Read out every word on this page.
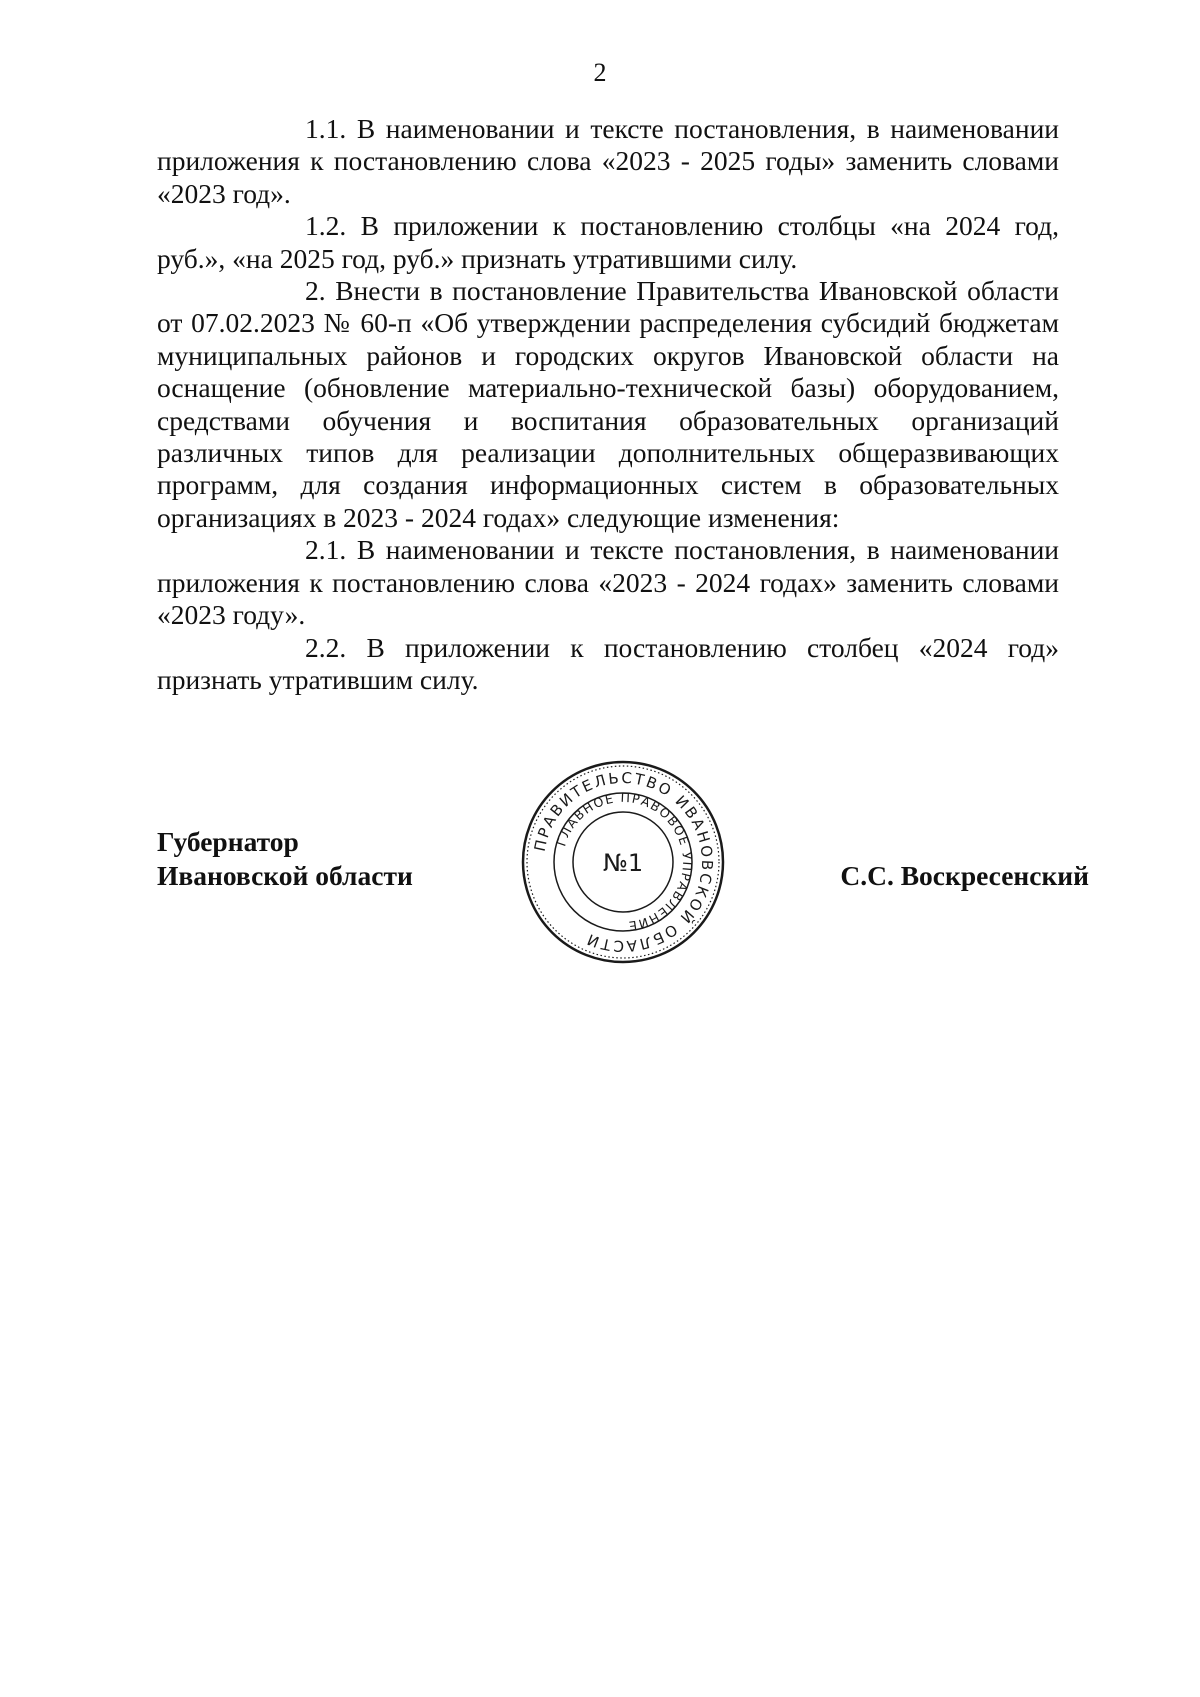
2

1.1. В наименовании и тексте постановления, в наименовании приложения к постановлению слова «2023 - 2025 годы» заменить словами «2023 год».

1.2. В приложении к постановлению столбцы «на 2024 год, руб.», «на 2025 год, руб.» признать утратившими силу.

2. Внести в постановление Правительства Ивановской области от 07.02.2023 № 60-п «Об утверждении распределения субсидий бюджетам муниципальных районов и городских округов Ивановской области на оснащение (обновление материально-технической базы) оборудованием, средствами обучения и воспитания образовательных организаций различных типов для реализации дополнительных общеразвивающих программ, для создания информационных систем в образовательных организациях в 2023 - 2024 годах» следующие изменения:

2.1. В наименовании и тексте постановления, в наименовании приложения к постановлению слова «2023 - 2024 годах» заменить словами «2023 году».

2.2. В приложении к постановлению столбец «2024 год» признать утратившим силу.

Губернатор
Ивановской области	С.С. Воскресенский
ПРАВИТЕЛЬСТВО ИВАНОВСКОЙ ОБЛАСТИ
ГЛАВНОЕ ПРАВОВОЕ УПРАВЛЕНИЕ
№1
